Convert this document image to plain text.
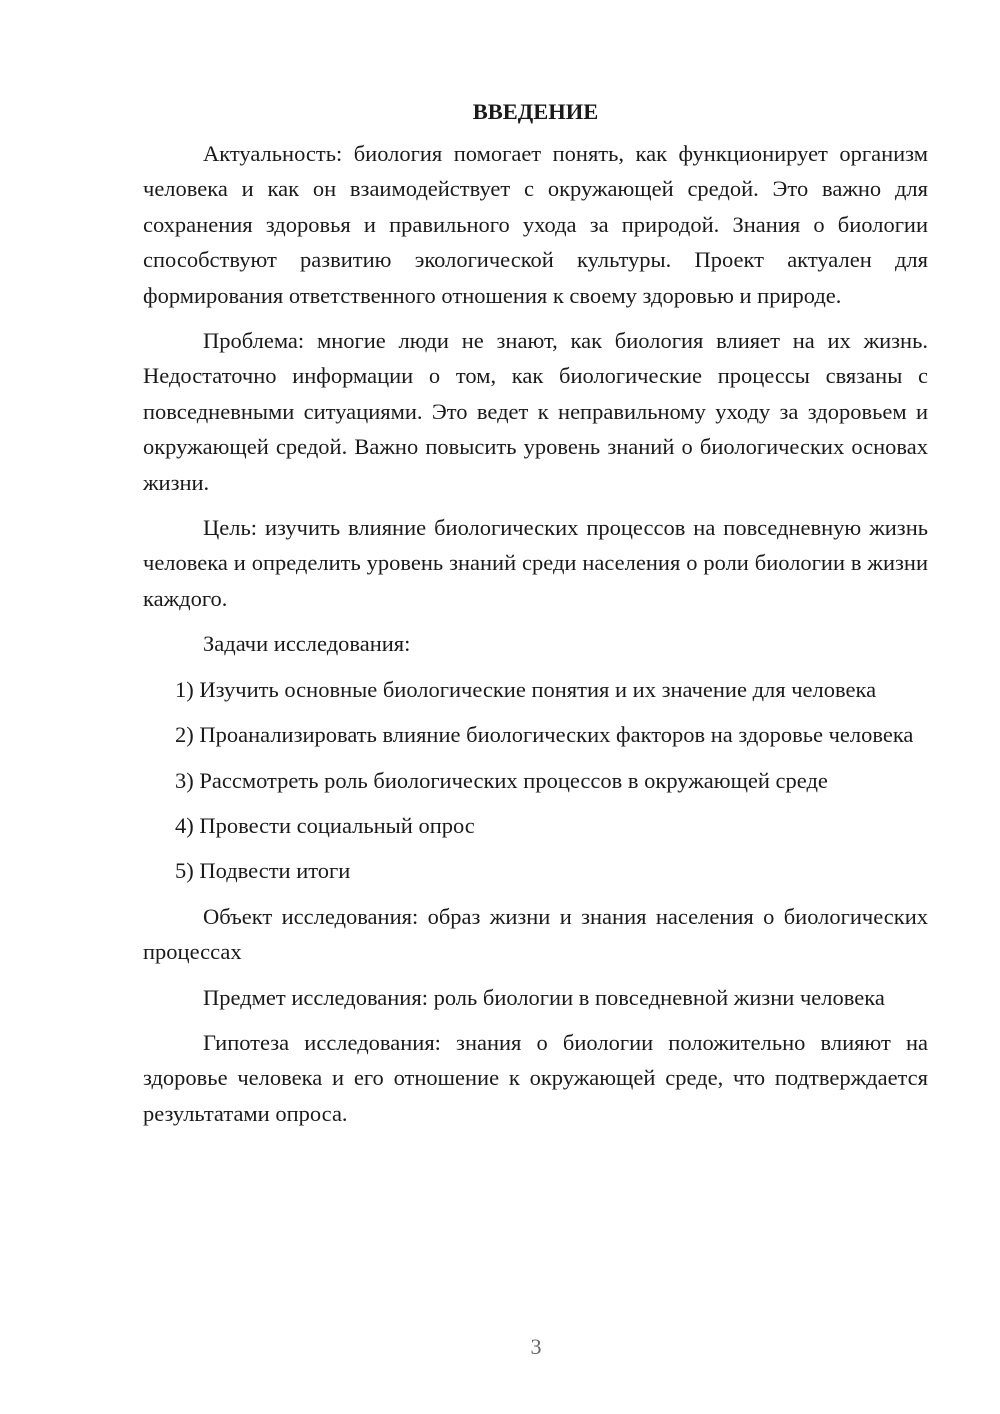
ВВЕДЕНИЕ

Актуальность: биология помогает понять, как функционирует организм человека и как он взаимодействует с окружающей средой. Это важно для сохранения здоровья и правильного ухода за природой. Знания о биологии способствуют развитию экологической культуры. Проект актуален для формирования ответственного отношения к своему здоровью и природе.

Проблема: многие люди не знают, как биология влияет на их жизнь. Недостаточно информации о том, как биологические процессы связаны с повседневными ситуациями. Это ведет к неправильному уходу за здоровьем и окружающей средой. Важно повысить уровень знаний о биологических основах жизни.

Цель: изучить влияние биологических процессов на повседневную жизнь человека и определить уровень знаний среди населения о роли биологии в жизни каждого.

Задачи исследования:

1) Изучить основные биологические понятия и их значение для человека

2) Проанализировать влияние биологических факторов на здоровье человека

3) Рассмотреть роль биологических процессов в окружающей среде

4) Провести социальный опрос

5) Подвести итоги

Объект исследования: образ жизни и знания населения о биологических процессах

Предмет исследования: роль биологии в повседневной жизни человека

Гипотеза исследования: знания о биологии положительно влияют на здоровье человека и его отношение к окружающей среде, что подтверждается результатами опроса.

3
